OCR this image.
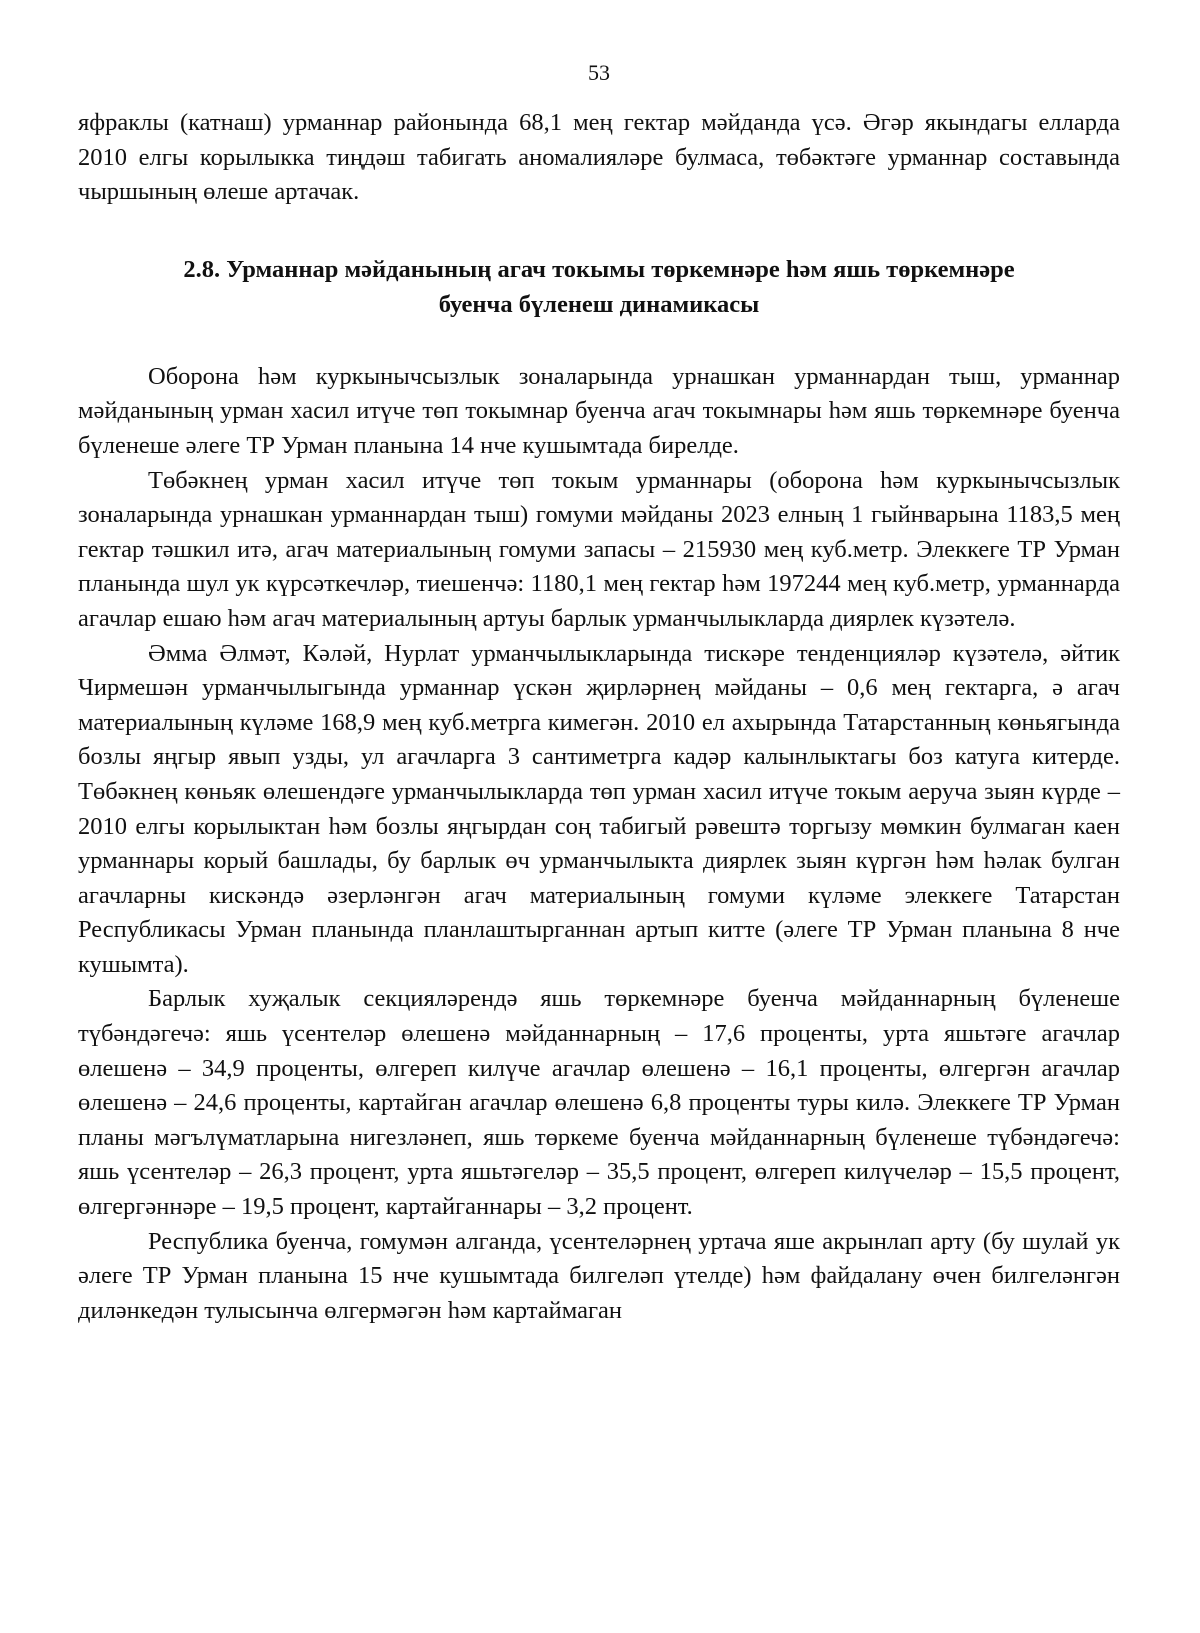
53

яфраклы (катнаш) урманнар районында 68,1 мең гектар мәйданда үсә. Әгәр якындагы елларда 2010 елгы корылыкка тиңдәш табигать аномалияләре булмаса, төбәктәге урманнар составында чыршының өлеше артачак.

2.8. Урманнар мәйданының агач токымы төркемнәре һәм яшь төркемнәре
буенча бүленеш динамикасы

Оборона һәм куркынычсызлык зоналарында урнашкан урманнардан тыш, урманнар мәйданының урман хасил итүче төп токымнар буенча агач токымнары һәм яшь төркемнәре буенча бүленеше әлеге ТР Урман планына 14 нче кушымтада бирелде.

Төбәкнең урман хасил итүче төп токым урманнары (оборона һәм куркынычсызлык зоналарында урнашкан урманнардан тыш) гомуми мәйданы 2023 елның 1 гыйнварына 1183,5 мең гектар тәшкил итә, агач материалының гомуми запасы – 215930 мең куб.метр. Элеккеге ТР Урман планында шул ук күрсәткечләр, тиешенчә: 1180,1 мең гектар һәм 197244 мең куб.метр, урманнарда агачлар ешаю һәм агач материалының артуы барлык урманчылыкларда диярлек күзәтелә.

Әмма Әлмәт, Кәләй, Нурлат урманчылыкларында тискәре тенденцияләр күзәтелә, әйтик Чирмешән урманчылыгында урманнар үскән җирләрнең мәйданы – 0,6 мең гектарга, ә агач материалының күләме 168,9 мең куб.метрга кимегән. 2010 ел ахырында Татарстанның көньягында бозлы яңгыр явып узды, ул агачларга 3 сантиметрга кадәр калынлыктагы боз катуга китерде. Төбәкнең көньяк өлешендәге урманчылыкларда төп урман хасил итүче токым аеруча зыян күрде – 2010 елгы корылыктан һәм бозлы яңгырдан соң табигый рәвештә торгызу мөмкин булмаган каен урманнары корый башлады, бу барлык өч урманчылыкта диярлек зыян күргән һәм һәлак булган агачларны кискәндә әзерләнгән агач материалының гомуми күләме элеккеге Татарстан Республикасы Урман планында планлаштырганнан артып китте (әлеге ТР Урман планына 8 нче кушымта).

Барлык хуҗалык секцияләрендә яшь төркемнәре буенча мәйданнарның бүленеше түбәндәгечә: яшь үсентеләр өлешенә мәйданнарның – 17,6 проценты, урта яшьтәге агачлар өлешенә – 34,9 проценты, өлгереп килүче агачлар өлешенә – 16,1 проценты, өлгергән агачлар өлешенә – 24,6 проценты, картайган агачлар өлешенә 6,8 проценты туры килә. Элеккеге ТР Урман планы мәгълүматларына нигезләнеп, яшь төркеме буенча мәйданнарның бүленеше түбәндәгечә: яшь үсентеләр – 26,3 процент, урта яшьтәгеләр – 35,5 процент, өлгереп килүчеләр – 15,5 процент, өлгергәннәре – 19,5 процент, картайганнары – 3,2 процент.

Республика буенча, гомумән алганда, үсентеләрнең уртача яше акрынлап арту (бу шулай ук әлеге ТР Урман планына 15 нче кушымтада билгеләп үтелде) һәм файдалану өчен билгеләнгән диләнкедән тулысынча өлгермәгән һәм картаймаган
